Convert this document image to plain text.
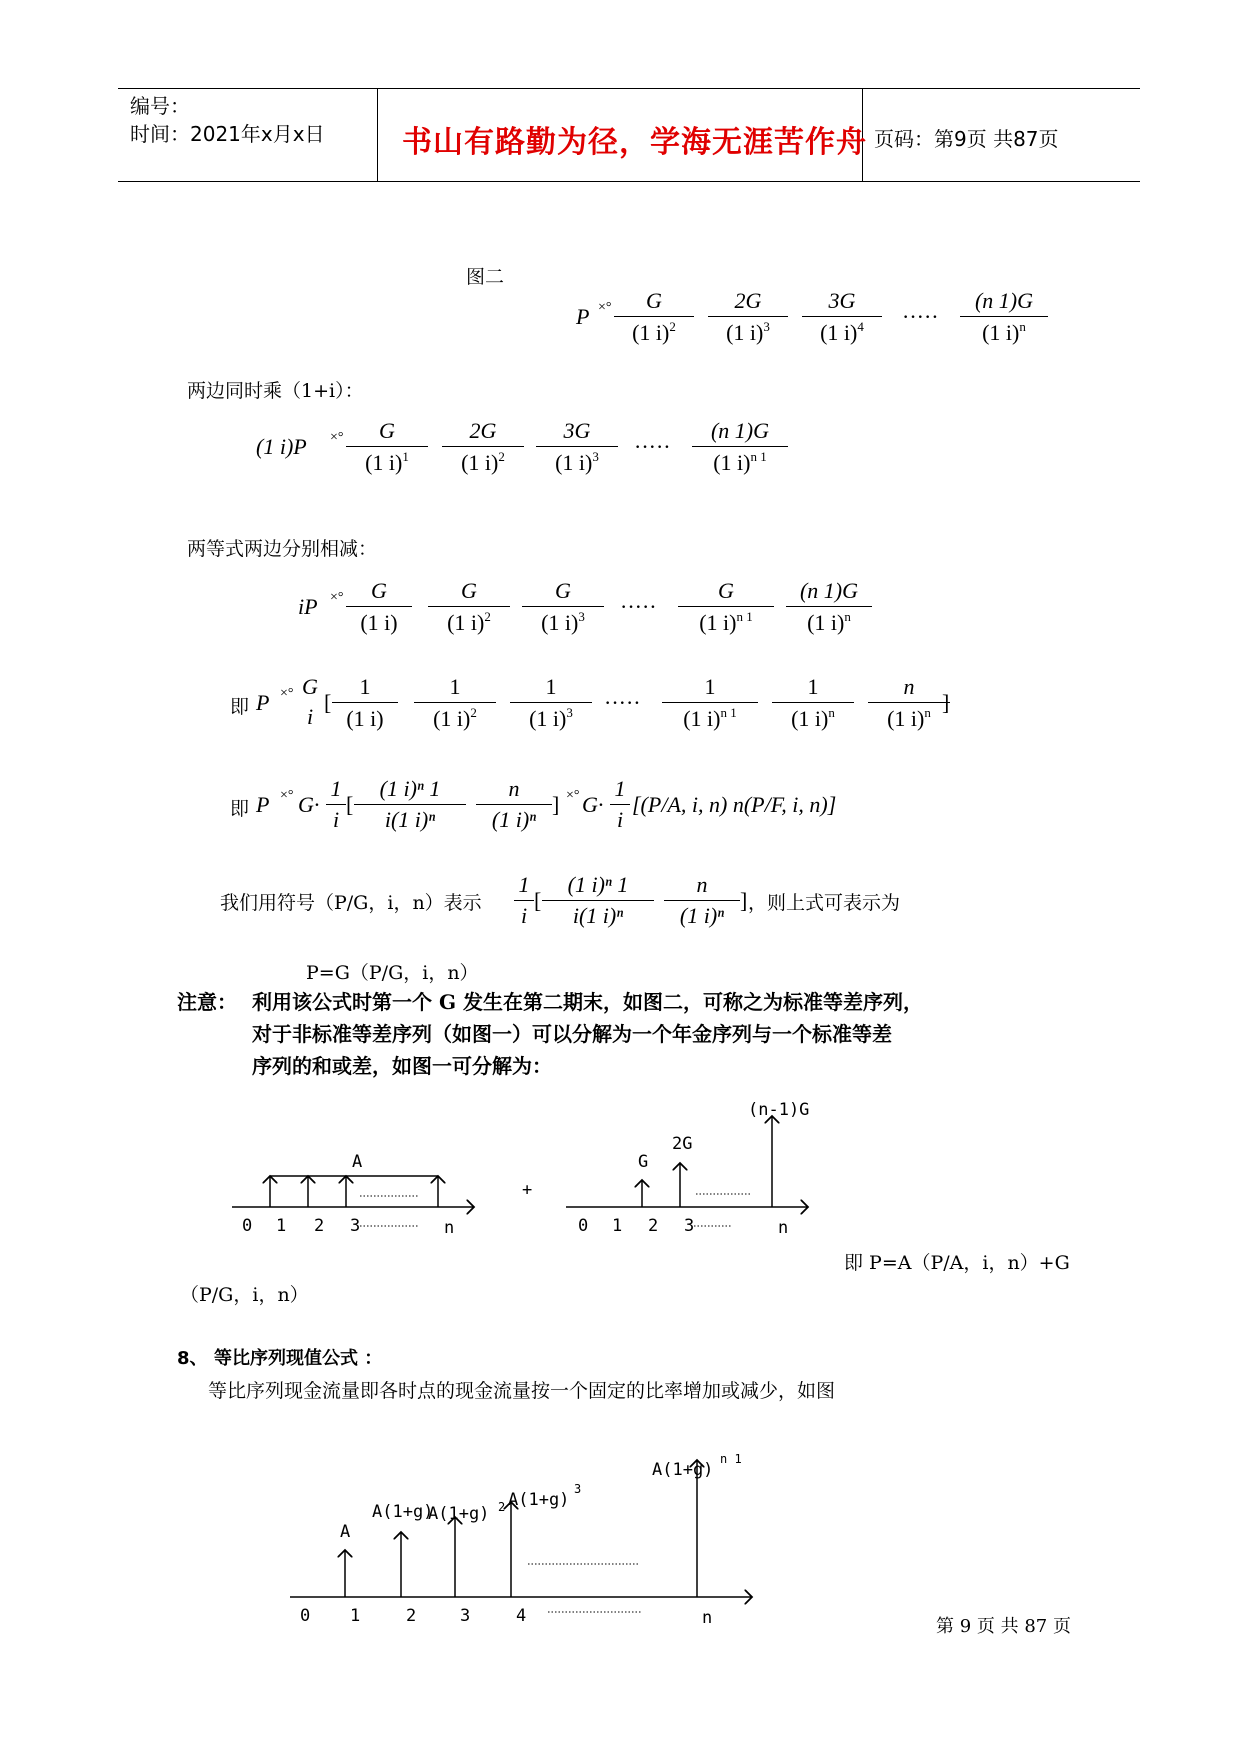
编号：
时间：2021年x月x日	书山有路勤为径，学海无涯苦作舟 页码：第9页 共87页
图二
P ×° $\frac{G}{(1 i)^2} \frac{2G}{(1 i)^3} \frac{3G}{(1 i)^4}$ ····· $\frac{(n 1)G}{(1 i)^n}$
两边同时乘（1+i）：
(1 i)P ×° $\frac{G}{(1 i)^1} \frac{2G}{(1 i)^2} \frac{3G}{(1 i)^3}$ ····· $\frac{(n 1)G}{(1 i)^{n 1}}$
两等式两边分别相减：
iP ×° $\frac{G}{(1 i)} \frac{G}{(1 i)^2} \frac{G}{(1 i)^3}$ ····· $\frac{G}{(1 i)^{n 1}} \frac{(n 1)G}{(1 i)^n}$
即 P ×° G
i
[ $\frac{1}{(1 i)} \frac{1}{(1 i)^2} \frac{1}{(1 i)^3}$ ····· $\frac{1}{(1 i)^{n 1}} \frac{1}{(1 i)^n} \frac{n}{(1 i)^n}$
]
即 P ×° $G\cdot \frac{1}{i}$ [ $\frac{\text{(1 i)ⁿ 1}}{\text{i(1 i)ⁿ}} \frac{n}{\text{(1 i)ⁿ}}$ ] ×° $G\cdot \frac{1}{i} [(P/A$, i, n) n(P/F, i, n)]
我们用符号（P/G，i，n）表示 $\frac{1}{i}$ [ $\frac{\text{(1 i)ⁿ 1}}{\text{i(1 i)ⁿ}} \frac{n}{\text{(1 i)ⁿ}}$ ] ，则上式可表示为
P=G（P/G，i，n）
注意： 利用该公式时第一个 G 发生在第二期末，如图二，可称之为标准等差序列，
对于非标准等差序列（如图一）可以分解为一个年金序列与一个标准等差
序列的和或差，如图一可分解为：
A
0 1 2 3	n
+
G
2G
(n-1)G
0 1 2 3	n
即 P=A（P/A，i，n）+G
（P/G，i，n）
8、 等比序列现值公式 ：
等比序列现金流量即各时点的现金流量按一个固定的比率增加或减少，如图
A
A(1+g)
A(1+g) 2 A(1+g)
3
A(1+g)
n 1
0 1	2	3	4	n	第 9 页 共 87 页
